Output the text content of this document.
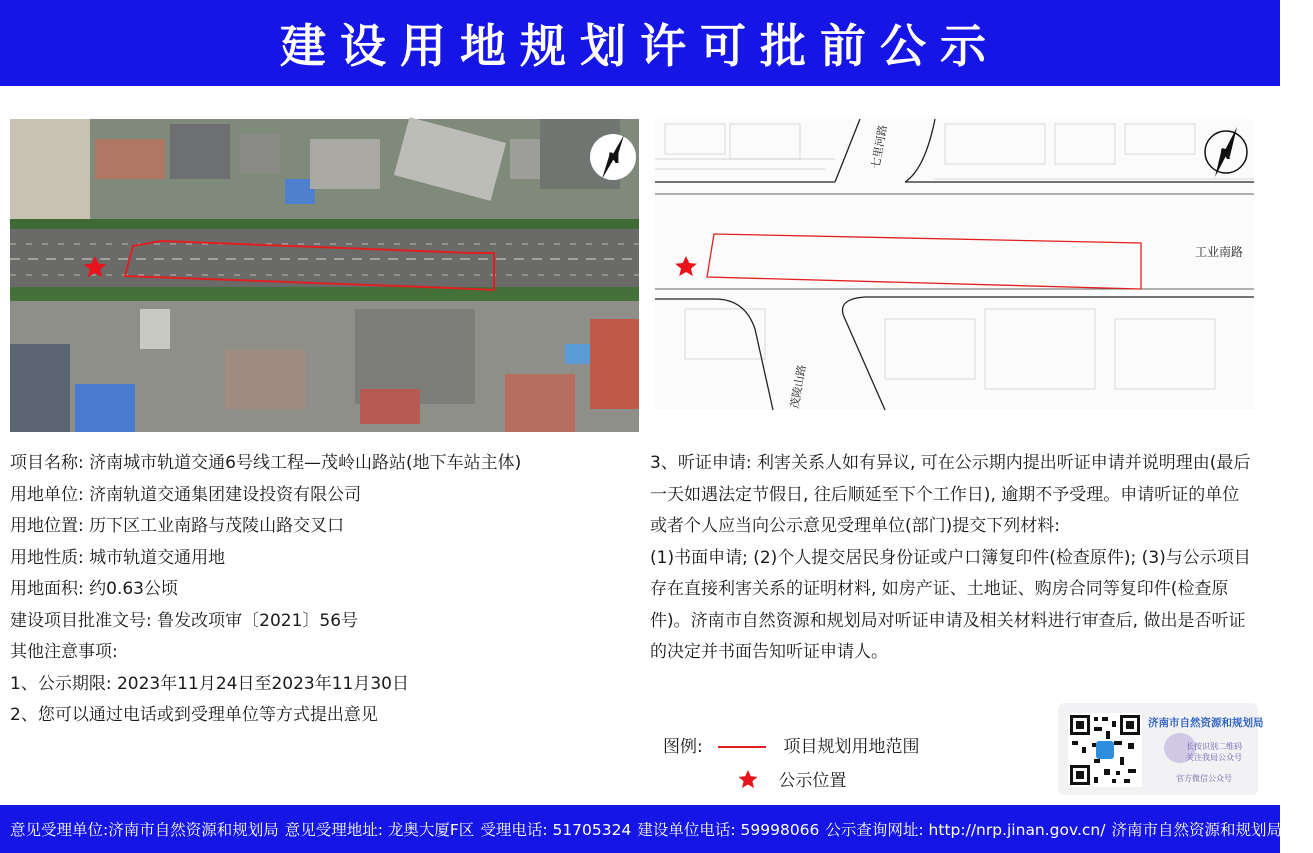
建设用地规划许可批前公示
N	七里河路
工业南路
茂陵山路
N
项目名称: 济南城市轨道交通6号线工程—茂岭山路站(地下车站主体)
用地单位: 济南轨道交通集团建设投资有限公司
用地位置: 历下区工业南路与茂陵山路交叉口
用地性质: 城市轨道交通用地
用地面积: 约0.63公顷
建设项目批准文号: 鲁发改项审〔2021〕56号
其他注意事项:
1、公示期限: 2023年11月24日至2023年11月30日
2、您可以通过电话或到受理单位等方式提出意见

3、听证申请: 利害关系人如有异议, 可在公示期内提出听证申请并说明理由(最后一天如遇法定节假日, 往后顺延至下个工作日), 逾期不予受理。申请听证的单位或者个人应当向公示意见受理单位(部门)提交下列材料:

(1)书面申请; (2)个人提交居民身份证或户口簿复印件(检查原件); (3)与公示项目存在直接利害关系的证明材料, 如房产证、土地证、购房合同等复印件(检查原件)。济南市自然资源和规划局对听证申请及相关材料进行审查后, 做出是否听证的决定并书面告知听证申请人。

图例:	项目规划用地范围
公示位置
济南市自然资源和规划局
长按识别二维码
关注我局公众号
官方微信公众号
意见受理单位:济南市自然资源和规划局 意见受理地址: 龙奥大厦F区 受理电话: 51705324 建设单位电话: 59998066 公示查询网址: http://nrp.jinan.gov.cn/ 济南市自然资源和规划局监制
